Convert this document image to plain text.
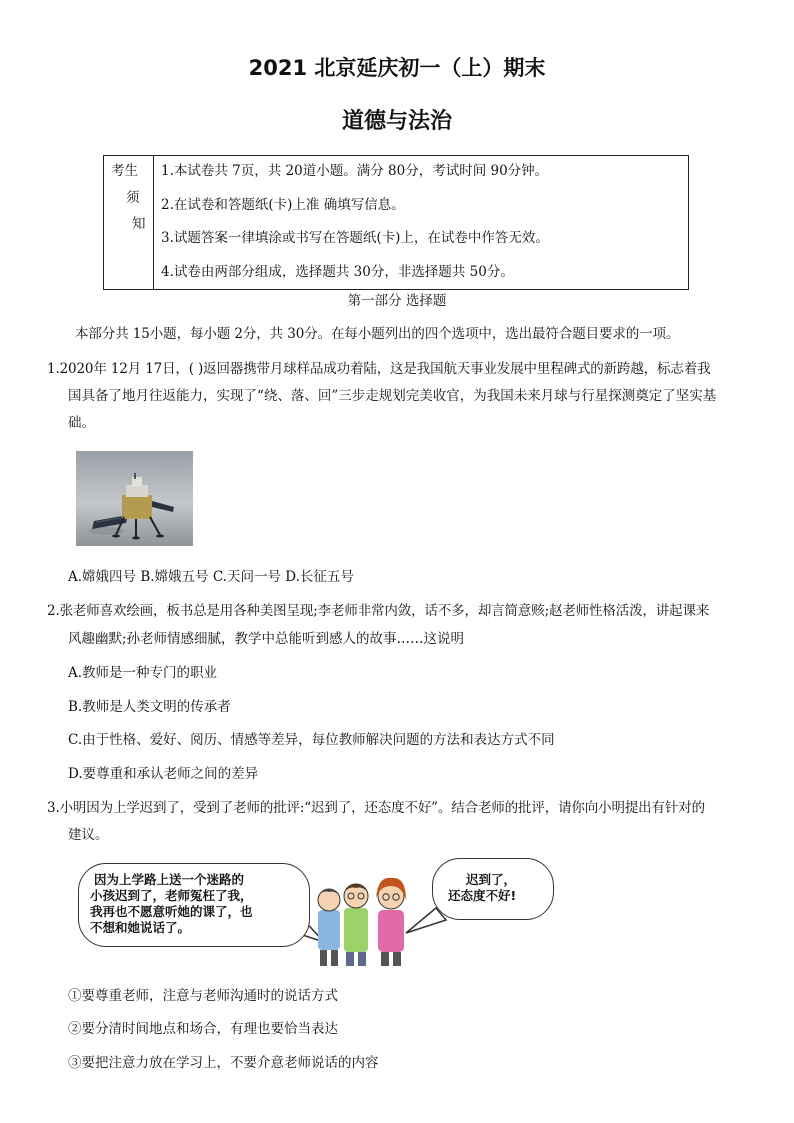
2021 北京延庆初一（上）期末
道德与法治
考生
须
知
1.本试卷共 7页，共 20道小题。满分 80分，考试时间 90分钟。
2.在试卷和答题纸(卡)上准 确填写信息。
3.试题答案一律填涂或书写在答题纸(卡)上，在试卷中作答无效。
4.试卷由两部分组成，选择题共 30分，非选择题共 50分。
第一部分 选择题
本部分共 15小题，每小题 2分，共 30分。在每小题列出的四个选项中，选出最符合题目要求的一项。
1.2020年 12月 17日，( )返回器携带月球样品成功着陆，这是我国航天事业发展中里程碑式的新跨越，标志着我
国具备了地月往返能力，实现了“绕、落、回”三步走规划完美收官，为我国未来月球与行星探测奠定了坚实基
础。
A.嫦娥四号 B.嫦娥五号 C.天问一号 D.长征五号
2.张老师喜欢绘画，板书总是用各种美图呈现;李老师非常内敛，话不多，却言简意赅;赵老师性格活泼，讲起课来
风趣幽默;孙老师情感细腻，教学中总能听到感人的故事……这说明
A.教师是一种专门的职业
B.教师是人类文明的传承者
C.由于性格、爱好、阅历、情感等差异，每位教师解决问题的方法和表达方式不同
D.要尊重和承认老师之间的差异
3.小明因为上学迟到了，受到了老师的批评:“迟到了，还态度不好”。结合老师的批评，请你向小明提出有针对的
建议。
因为上学路上送一个迷路的
小孩迟到了，老师冤枉了我，
我再也不愿意听她的课了，也
不想和她说话了。
迟到了，
还态度不好!
①要尊重老师，注意与老师沟通时的说话方式
②要分清时间地点和场合，有理也要恰当表达
③要把注意力放在学习上，不要介意老师说话的内容
